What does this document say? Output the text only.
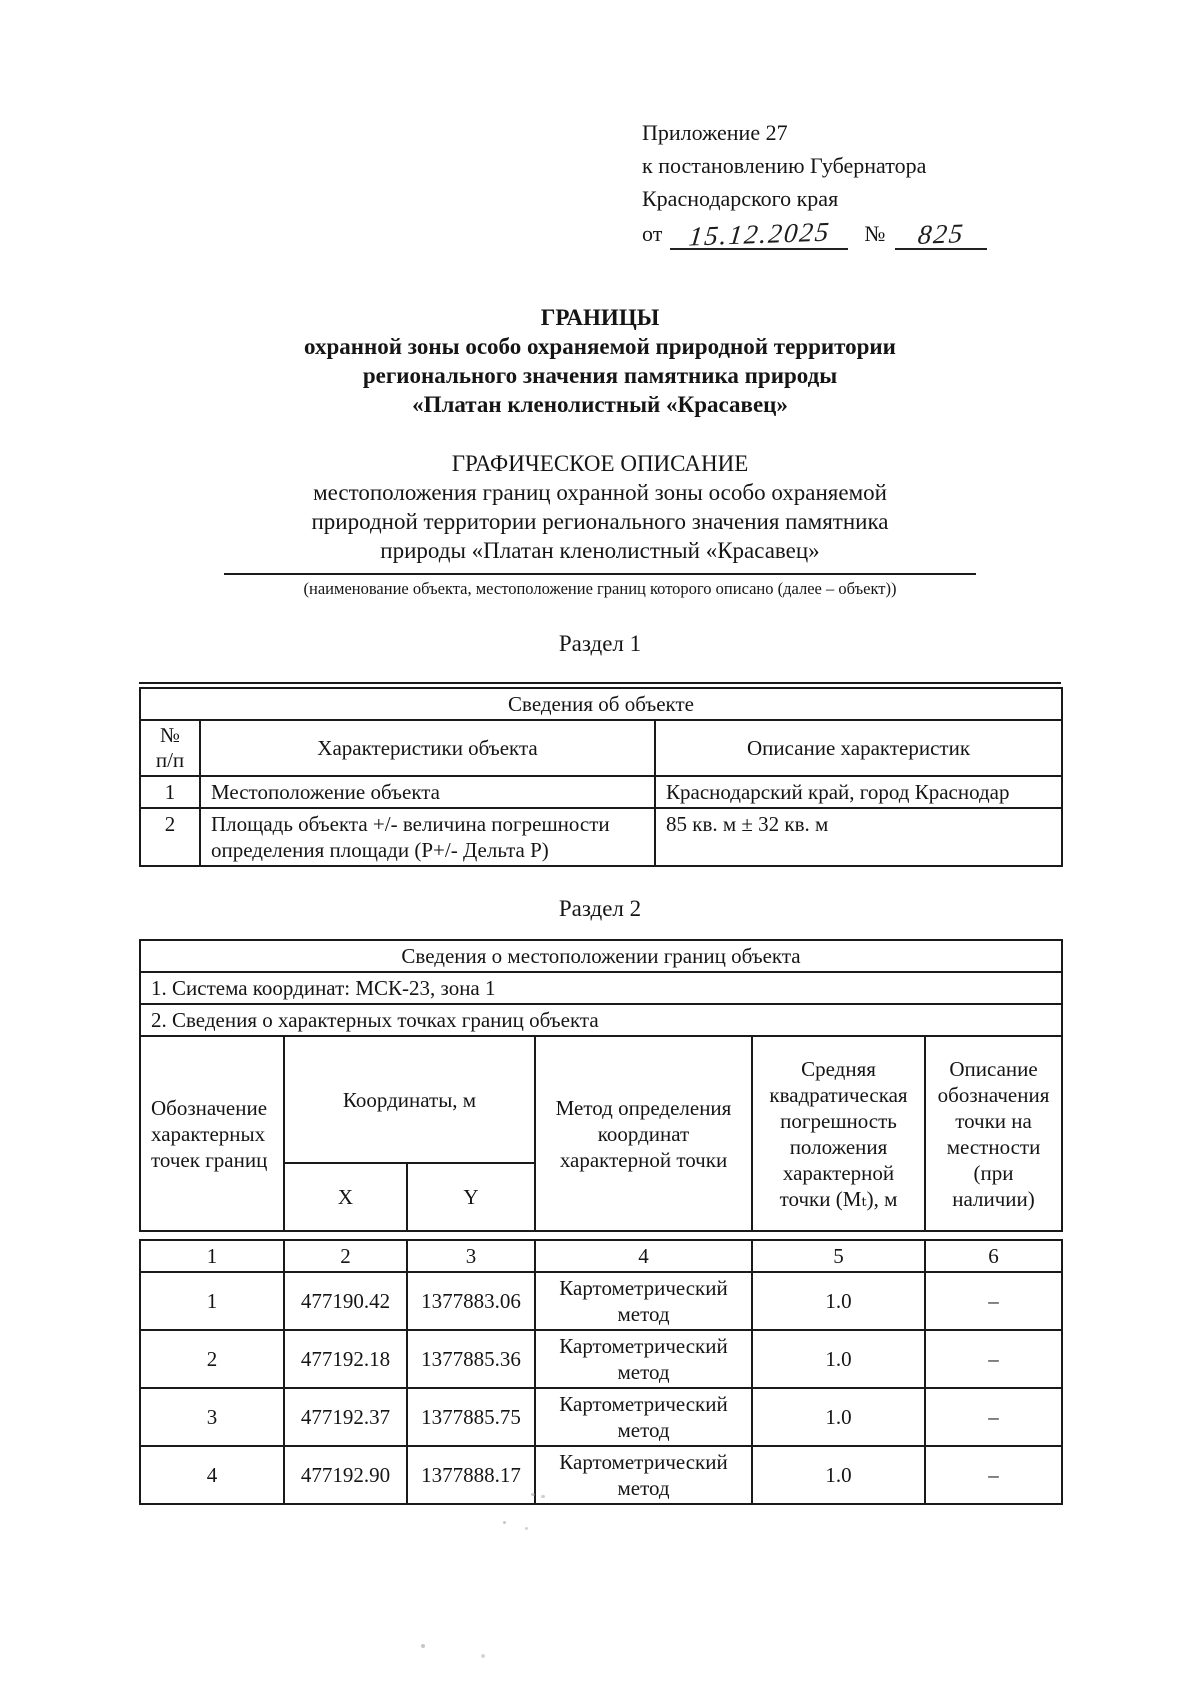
Приложение 27
к постановлению Губернатора
Краснодарского края
от 15.12.2025 № 825
ГРАНИЦЫ
охранной зоны особо охраняемой природной территории
регионального значения памятника природы
«Платан кленолистный «Красавец»
ГРАФИЧЕСКОЕ ОПИСАНИЕ
местоположения границ охранной зоны особо охраняемой
природной территории регионального значения памятника
природы «Платан кленолистный «Красавец»
(наименование объекта, местоположение границ которого описано (далее – объект))
Раздел 1
Сведения об объекте		

№
п/п	Характеристики объекта	Описание характеристик
1	Местоположение объекта	Краснодарский край, город Краснодар
2	Площадь объекта +/- величина погрешности определения площади (Р+/- Дельта Р)	85 кв. м ± 32 кв. м
Раздел 2
Сведения о местоположении границ объекта					
1. Система координат: МСК-23, зона 1					
2. Сведения о характерных точках границ объекта					
Обозначение характерных точек границ	Координаты, м		Метод определения координат характерной точки	Средняя квадратическая погрешность положения характерной точки (Mₜ), м	Описание обозначения точки на местности (при наличии)
	X	Y			
1	2	3	4	5	6
1	477190.42	1377883.06	Картометрический метод	1.0	–
2	477192.18	1377885.36	Картометрический метод	1.0	–
3	477192.37	1377885.75	Картометрический метод	1.0	–
4	477192.90	1377888.17	Картометрический метод	1.0	–
